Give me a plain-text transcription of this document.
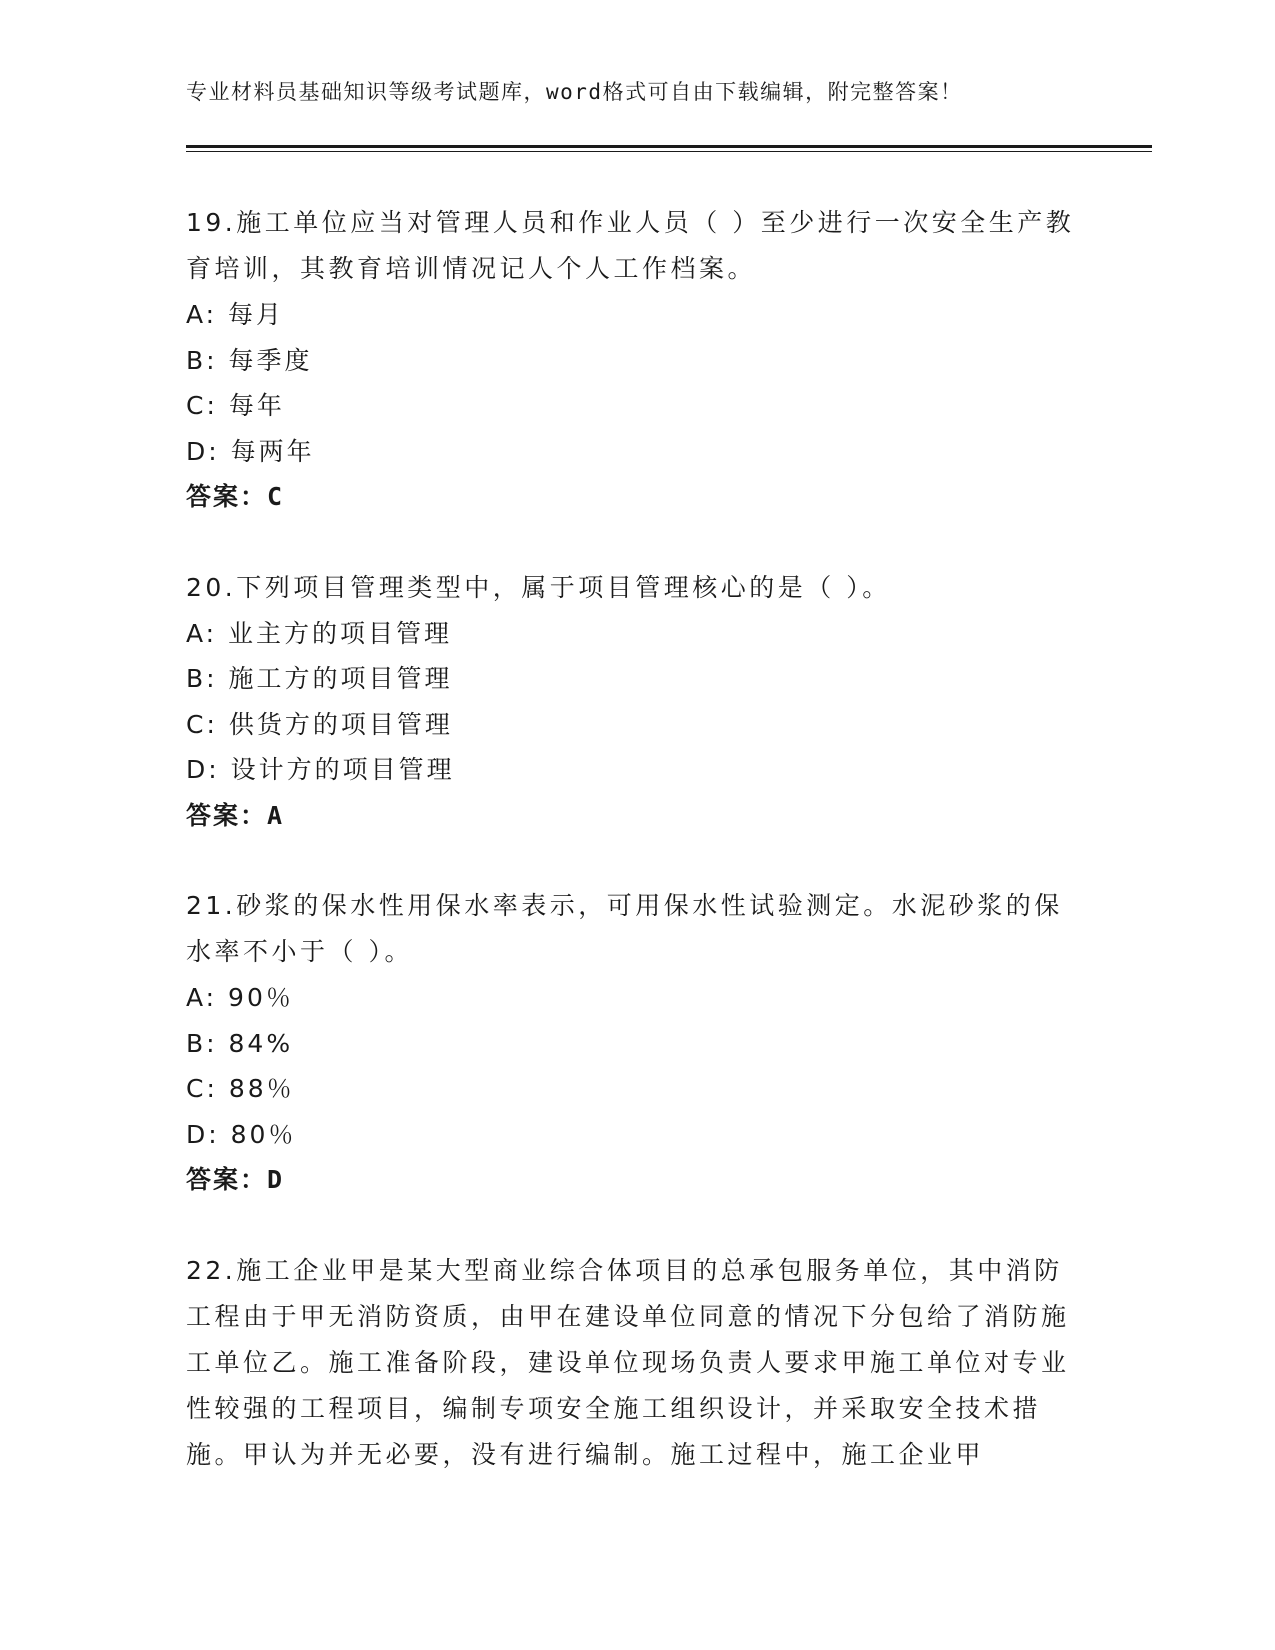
专业材料员基础知识等级考试题库，word格式可自由下载编辑，附完整答案！

19.施工单位应当对管理人员和作业人员（ ）至少进行一次安全生产教育培训，其教育培训情况记人个人工作档案。

A: 每月

B: 每季度

C: 每年

D: 每两年

答案：C

20.下列项目管理类型中，属于项目管理核心的是（ ）。

A: 业主方的项目管理

B: 施工方的项目管理

C: 供货方的项目管理

D: 设计方的项目管理

答案：A

21.砂浆的保水性用保水率表示，可用保水性试验测定。水泥砂浆的保水率不小于（ ）。

A: 90％

B: 84%

C: 88％

D: 80％

答案：D

22.施工企业甲是某大型商业综合体项目的总承包服务单位，其中消防工程由于甲无消防资质，由甲在建设单位同意的情况下分包给了消防施工单位乙。施工准备阶段，建设单位现场负责人要求甲施工单位对专业性较强的工程项目，编制专项安全施工组织设计，并采取安全技术措施。甲认为并无必要，没有进行编制。施工过程中，施工企业甲
